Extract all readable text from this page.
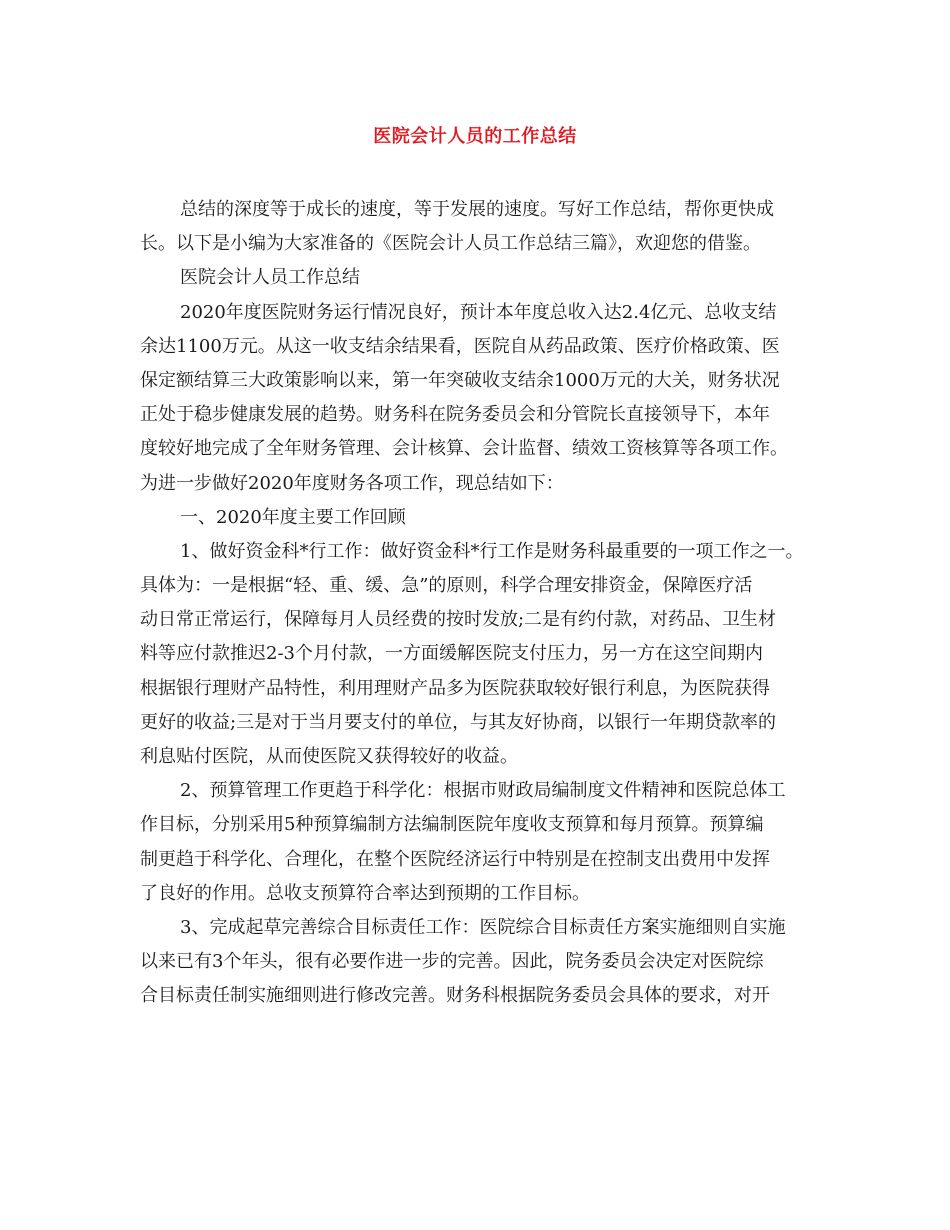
医院会计人员的工作总结
总结的深度等于成长的速度，等于发展的速度。写好工作总结，帮你更快成
长。以下是小编为大家准备的《医院会计人员工作总结三篇》，欢迎您的借鉴。
医院会计人员工作总结
2020年度医院财务运行情况良好，预计本年度总收入达2.4亿元、总收支结
余达1100万元。从这一收支结余结果看，医院自从药品政策、医疗价格政策、医
保定额结算三大政策影响以来，第一年突破收支结余1000万元的大关，财务状况
正处于稳步健康发展的趋势。财务科在院务委员会和分管院长直接领导下，本年
度较好地完成了全年财务管理、会计核算、会计监督、绩效工资核算等各项工作。
为进一步做好2020年度财务各项工作，现总结如下：
一、2020年度主要工作回顾
1、做好资金科*行工作：做好资金科*行工作是财务科最重要的一项工作之一。
具体为：一是根据“轻、重、缓、急”的原则，科学合理安排资金，保障医疗活
动日常正常运行，保障每月人员经费的按时发放;二是有约付款，对药品、卫生材
料等应付款推迟2-3个月付款，一方面缓解医院支付压力，另一方在这空间期内
根据银行理财产品特性，利用理财产品多为医院获取较好银行利息，为医院获得
更好的收益;三是对于当月要支付的单位，与其友好协商，以银行一年期贷款率的
利息贴付医院，从而使医院又获得较好的收益。
2、预算管理工作更趋于科学化：根据市财政局编制度文件精神和医院总体工
作目标，分别采用5种预算编制方法编制医院年度收支预算和每月预算。预算编
制更趋于科学化、合理化，在整个医院经济运行中特别是在控制支出费用中发挥
了良好的作用。总收支预算符合率达到预期的工作目标。
3、完成起草完善综合目标责任工作：医院综合目标责任方案实施细则自实施
以来已有3个年头，很有必要作进一步的完善。因此，院务委员会决定对医院综
合目标责任制实施细则进行修改完善。财务科根据院务委员会具体的要求，对开
